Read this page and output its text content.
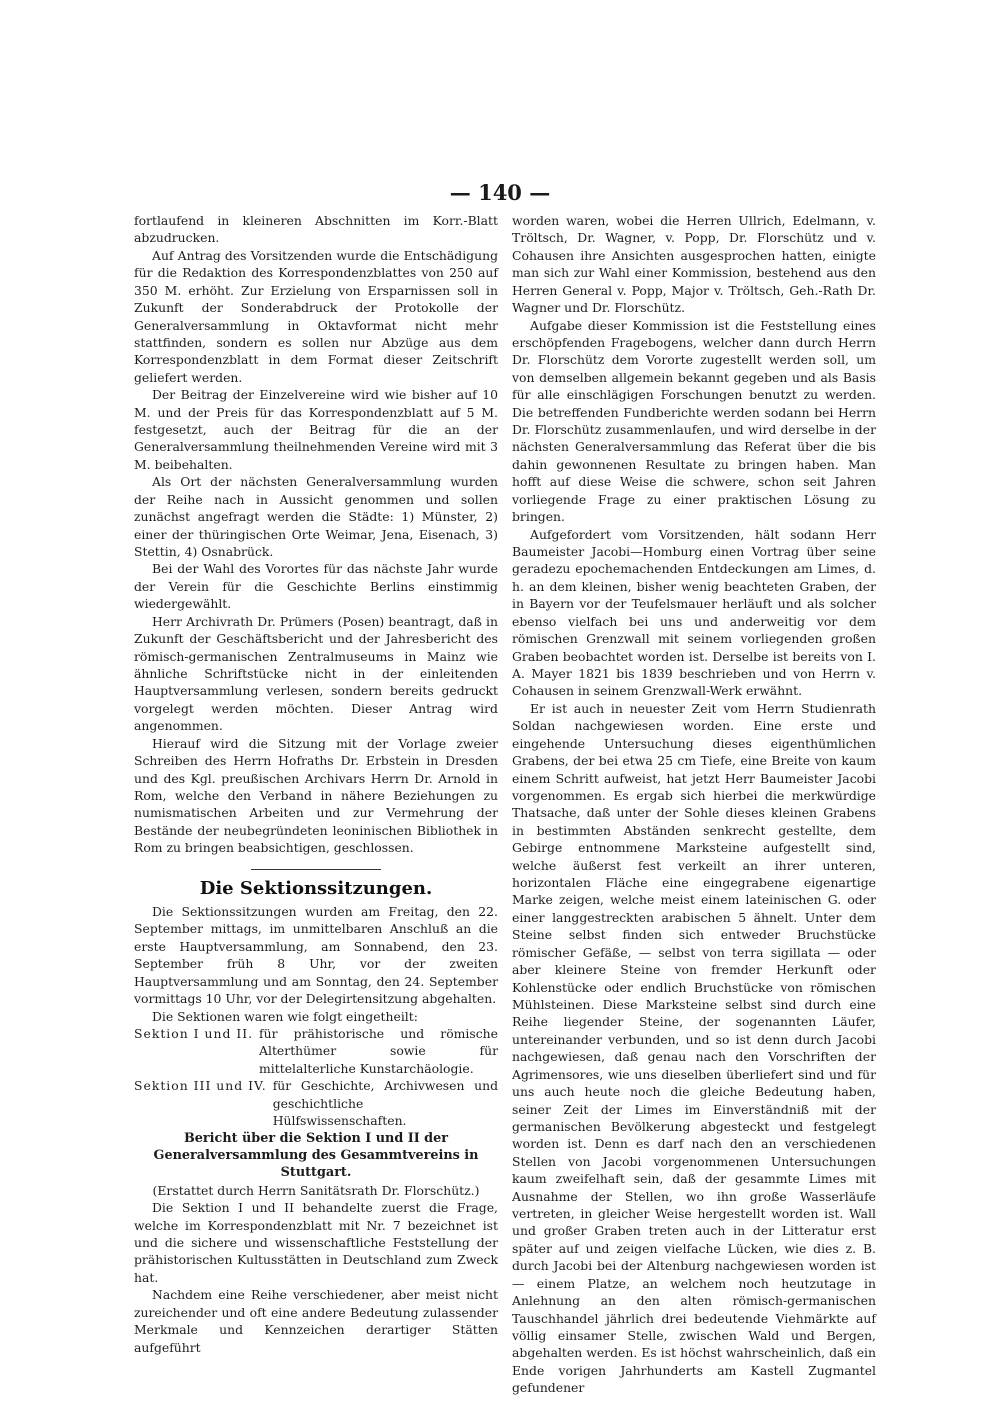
— 140 —

fortlaufend in kleineren Abschnitten im Korr.-Blatt abzudrucken.

Auf Antrag des Vorsitzenden wurde die Entschädigung für die Redaktion des Korrespondenzblattes von 250 auf 350 M. erhöht. Zur Erzielung von Ersparnissen soll in Zukunft der Sonderabdruck der Protokolle der Generalversammlung in Oktavformat nicht mehr stattfinden, sondern es sollen nur Abzüge aus dem Korrespondenzblatt in dem Format dieser Zeitschrift geliefert werden.

Der Beitrag der Einzelvereine wird wie bisher auf 10 M. und der Preis für das Korrespondenzblatt auf 5 M. festgesetzt, auch der Beitrag für die an der Generalversammlung theilnehmenden Vereine wird mit 3 M. beibehalten.

Als Ort der nächsten Generalversammlung wurden der Reihe nach in Aussicht genommen und sollen zunächst angefragt werden die Städte: 1) Münster, 2) einer der thüringischen Orte Weimar, Jena, Eisenach, 3) Stettin, 4) Osnabrück.

Bei der Wahl des Vorortes für das nächste Jahr wurde der Verein für die Geschichte Berlins einstimmig wiedergewählt.

Herr Archivrath Dr. Prümers (Posen) beantragt, daß in Zukunft der Geschäftsbericht und der Jahresbericht des römisch-germanischen Zentralmuseums in Mainz wie ähnliche Schriftstücke nicht in der einleitenden Hauptversammlung verlesen, sondern bereits gedruckt vorgelegt werden möchten. Dieser Antrag wird angenommen.

Hierauf wird die Sitzung mit der Vorlage zweier Schreiben des Herrn Hofraths Dr. Erbstein in Dresden und des Kgl. preußischen Archivars Herrn Dr. Arnold in Rom, welche den Verband in nähere Beziehungen zu numismatischen Arbeiten und zur Vermehrung der Bestände der neubegründeten leoninischen Bibliothek in Rom zu bringen beabsichtigen, geschlossen.

Die Sektionssitzungen.

Die Sektionssitzungen wurden am Freitag, den 22. September mittags, im unmittelbaren Anschluß an die erste Hauptversammlung, am Sonnabend, den 23. September früh 8 Uhr, vor der zweiten Hauptversammlung und am Sonntag, den 24. September vormittags 10 Uhr, vor der Delegirtensitzung abgehalten.

Die Sektionen waren wie folgt eingetheilt:

Sektion I und II. für prähistorische und römische Alterthümer sowie für mittelalterliche Kunstarchäologie.
Sektion III und IV. für Geschichte, Archivwesen und geschichtliche Hülfswissenschaften.

Bericht über die Sektion I und II der Generalversammlung des Gesammtvereins in Stuttgart.

(Erstattet durch Herrn Sanitätsrath Dr. Florschütz.)

Die Sektion I und II behandelte zuerst die Frage, welche im Korrespondenzblatt mit Nr. 7 bezeichnet ist und die sichere und wissenschaftliche Feststellung der prähistorischen Kultusstätten in Deutschland zum Zweck hat.

Nachdem eine Reihe verschiedener, aber meist nicht zureichender und oft eine andere Bedeutung zulassender Merkmale und Kennzeichen derartiger Stätten aufgeführt

worden waren, wobei die Herren Ullrich, Edelmann, v. Tröltsch, Dr. Wagner, v. Popp, Dr. Florschütz und v. Cohausen ihre Ansichten ausgesprochen hatten, einigte man sich zur Wahl einer Kommission, bestehend aus den Herren General v. Popp, Major v. Tröltsch, Geh.-Rath Dr. Wagner und Dr. Florschütz.

Aufgabe dieser Kommission ist die Feststellung eines erschöpfenden Fragebogens, welcher dann durch Herrn Dr. Florschütz dem Vororte zugestellt werden soll, um von demselben allgemein bekannt gegeben und als Basis für alle einschlägigen Forschungen benutzt zu werden. Die betreffenden Fundberichte werden sodann bei Herrn Dr. Florschütz zusammenlaufen, und wird derselbe in der nächsten Generalversammlung das Referat über die bis dahin gewonnenen Resultate zu bringen haben. Man hofft auf diese Weise die schwere, schon seit Jahren vorliegende Frage zu einer praktischen Lösung zu bringen.

Aufgefordert vom Vorsitzenden, hält sodann Herr Baumeister Jacobi—Homburg einen Vortrag über seine geradezu epochemachenden Entdeckungen am Limes, d. h. an dem kleinen, bisher wenig beachteten Graben, der in Bayern vor der Teufelsmauer herläuft und als solcher ebenso vielfach bei uns und anderweitig vor dem römischen Grenzwall mit seinem vorliegenden großen Graben beobachtet worden ist. Derselbe ist bereits von I. A. Mayer 1821 bis 1839 beschrieben und von Herrn v. Cohausen in seinem Grenzwall-Werk erwähnt.

Er ist auch in neuester Zeit vom Herrn Studienrath Soldan nachgewiesen worden. Eine erste und eingehende Untersuchung dieses eigenthümlichen Grabens, der bei etwa 25 cm Tiefe, eine Breite von kaum einem Schritt aufweist, hat jetzt Herr Baumeister Jacobi vorgenommen. Es ergab sich hierbei die merkwürdige Thatsache, daß unter der Sohle dieses kleinen Grabens in bestimmten Abständen senkrecht gestellte, dem Gebirge entnommene Marksteine aufgestellt sind, welche äußerst fest verkeilt an ihrer unteren, horizontalen Fläche eine eingegrabene eigenartige Marke zeigen, welche meist einem lateinischen G. oder einer langgestreckten arabischen 5 ähnelt. Unter dem Steine selbst finden sich entweder Bruchstücke römischer Gefäße, — selbst von terra sigillata — oder aber kleinere Steine von fremder Herkunft oder Kohlenstücke oder endlich Bruchstücke von römischen Mühlsteinen. Diese Marksteine selbst sind durch eine Reihe liegender Steine, der sogenannten Läufer, untereinander verbunden, und so ist denn durch Jacobi nachgewiesen, daß genau nach den Vorschriften der Agrimensores, wie uns dieselben überliefert sind und für uns auch heute noch die gleiche Bedeutung haben, seiner Zeit der Limes im Einverständniß mit der germanischen Bevölkerung abgesteckt und festgelegt worden ist. Denn es darf nach den an verschiedenen Stellen von Jacobi vorgenommenen Untersuchungen kaum zweifelhaft sein, daß der gesammte Limes mit Ausnahme der Stellen, wo ihn große Wasserläufe vertreten, in gleicher Weise hergestellt worden ist. Wall und großer Graben treten auch in der Litteratur erst später auf und zeigen vielfache Lücken, wie dies z. B. durch Jacobi bei der Altenburg nachgewiesen worden ist — einem Platze, an welchem noch heutzutage in Anlehnung an den alten römisch-germanischen Tauschhandel jährlich drei bedeutende Viehmärkte auf völlig einsamer Stelle, zwischen Wald und Bergen, abgehalten werden. Es ist höchst wahrscheinlich, daß ein Ende vorigen Jahrhunderts am Kastell Zugmantel gefundener
